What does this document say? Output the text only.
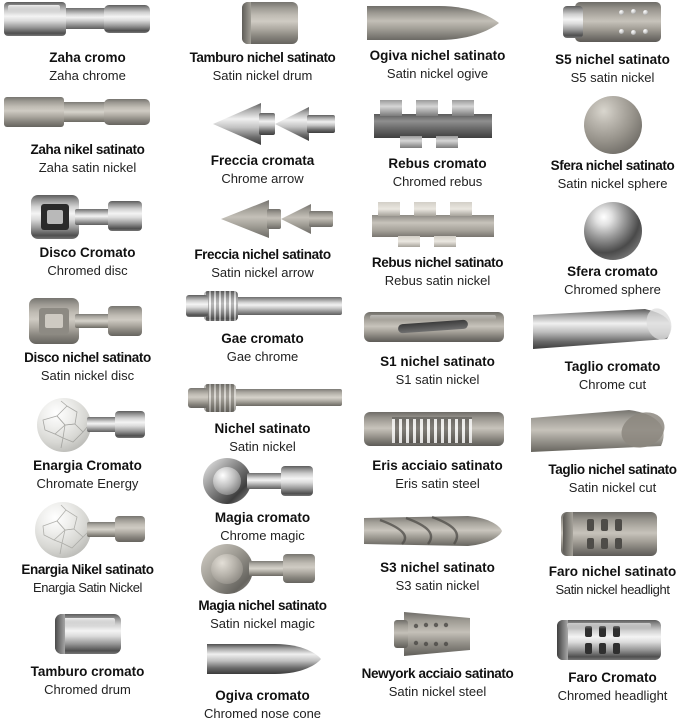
Zaha cromo
Zaha chrome
Zaha nikel satinato
Zaha satin nickel
Disco Cromato
Chromed disc
Disco nichel satinato
Satin nickel disc
Enargia Cromato
Chromate Energy
Enargia Nikel satinato
Enargia Satin Nickel
Tamburo cromato
Chromed drum
Tamburo nichel satinato
Satin nickel drum
Freccia cromata
Chrome arrow
Freccia nichel satinato
Satin nickel arrow
Gae cromato
Gae chrome
Nichel satinato
Satin nickel
Magia cromato
Chrome magic
Magia nichel satinato
Satin nickel magic
Ogiva cromato
Chromed nose cone
Ogiva nichel satinato
Satin nickel ogive
Rebus cromato
Chromed rebus
Rebus nichel satinato
Rebus satin nickel
S1 nichel satinato
S1 satin nickel
Eris acciaio satinato
Eris satin steel
S3 nichel satinato
S3 satin nickel
Newyork acciaio satinato
Satin nickel steel
S5 nichel satinato
S5 satin nickel
Sfera nichel satinato
Satin nickel sphere
Sfera cromato
Chromed sphere
Taglio cromato
Chrome cut
Taglio nichel satinato
Satin nickel cut
Faro nichel satinato
Satin nickel headlight
Faro Cromato
Chromed headlight
